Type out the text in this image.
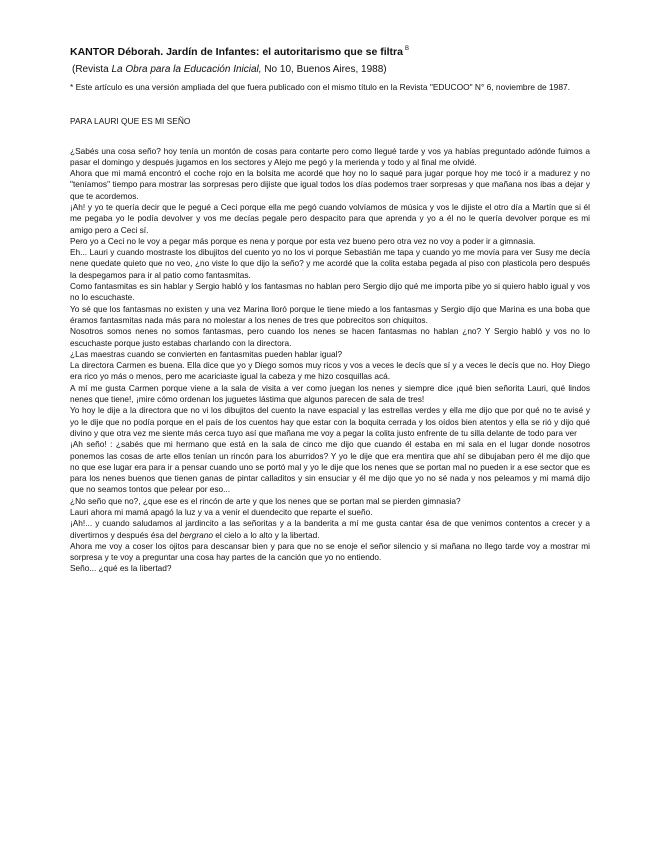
KANTOR Déborah. Jardín de Infantes: el autoritarismo que se filtra $^B$
(Revista La Obra para la Educación Inicial, No 10, Buenos Aires, 1988)
* Este artículo es una versión ampliada del que fuera publicado con el mismo título en la Revista "EDUCOO" N° 6, noviembre de 1987.
PARA LAURI QUE ES MI SEÑO

¿Sabés una cosa seño? hoy tenía un montón de cosas para contarte pero como llegué tarde y vos ya habías preguntado adónde fuimos a pasar el domingo y después jugamos en los sectores y Alejo me pegó y la merienda y todo y al final me olvidé.

Ahora que mi mamá encontró el coche rojo en la bolsita me acordé que hoy no lo saqué para jugar porque hoy me tocó ir a madurez y no "teníamos" tiempo para mostrar las sorpresas pero dijiste que igual todos los días podemos traer sorpresas y que mañana nos ibas a dejar y que te acordemos.

¡Ah! y yo te quería decir que le pegué a Ceci porque ella me pegó cuando volvíamos de música y vos le dijiste el otro día a Martín que si él me pegaba yo le podía devolver y vos me decías pegale pero despacito para que aprenda y yo a él no le quería devolver porque es mi amigo pero a Ceci sí.

Pero yo a Ceci no le voy a pegar más porque es nena y porque por esta vez bueno pero otra vez no voy a poder ir a gimnasia.

Eh... Lauri y cuando mostraste los dibujitos del cuento yo no los vi porque Sebastián me tapa y cuando yo me movía para ver Susy me decía nene quedate quieto que no veo, ¿no viste lo que dijo la seño? y me acordé que la colita estaba pegada al piso con plasticola pero después la despegamos para ir al patio como fantasmitas.

Como fantasmitas es sin hablar y Sergio habló y los fantasmas no hablan pero Sergio dijo qué me importa pibe yo si quiero hablo igual y vos no lo escuchaste.

Yo sé que los fantasmas no existen y una vez Marina lloró porque le tiene miedo a los fantasmas y Sergio dijo que Marina es una boba que éramos fantasmitas nada más para no molestar a los nenes de tres que pobrecitos son chiquitos.

Nosotros somos nenes no somos fantasmas, pero cuando los nenes se hacen fantasmas no hablan ¿no? Y Sergio habló y vos no lo escuchaste porque justo estabas charlando con la directora.

¿Las maestras cuando se convierten en fantasmitas pueden hablar igual?

La directora Carmen es buena. Ella dice que yo y Diego somos muy ricos y vos a veces le decís que sí y a veces le decís que no. Hoy Diego era rico yo más o menos, pero me acariciaste igual la cabeza y me hizo cosquillas acá.

A mí me gusta Carmen porque viene a la sala de visita a ver como juegan los nenes y siempre dice ¡qué bien señorita Lauri, qué lindos nenes que tiene!, ¡mire cómo ordenan los juguetes lástima que algunos parecen de sala de tres!

Yo hoy le dije a la directora que no vi los dibujitos del cuento la nave espacial y las estrellas verdes y ella me dijo que por qué no te avisé y yo le dije que no podía porque en el país de los cuentos hay que estar con la boquita cerrada y los oídos bien atentos y ella se rió y dijo qué divino y que otra vez me siente más cerca tuyo así que mañana me voy a pegar la colita justo enfrente de tu silla delante de todo para ver

¡Ah seño! : ¿sabés que mi hermano que está en la sala de cinco me dijo que cuando él estaba en mi sala en el lugar donde nosotros ponemos las cosas de arte ellos tenían un rincón para los aburridos? Y yo le dije que era mentira que ahí se dibujaban pero él me dijo que no que ese lugar era para ir a pensar cuando uno se portó mal y yo le dije que los nenes que se portan mal no pueden ir a ese sector que es para los nenes buenos que tienen ganas de pintar calladitos y sin ensuciar y él me dijo que yo no sé nada y nos peleamos y mi mamá dijo que no seamos tontos que pelear por eso...

¿No seño que no?, ¿que ese es el rincón de arte y que los nenes que se portan mal se pierden gimnasia?

Lauri ahora mi mamá apagó la luz y va a venir el duendecito que reparte el sueño.

¡Ah!... y cuando saludamos al jardincito a las señoritas y a la banderita a mí me gusta cantar ésa de que venimos contentos a crecer y a divertirnos y después ésa del bergrano el cielo a lo alto y la libertad.

Ahora me voy a coser los ojitos para descansar bien y para que no se enoje el señor silencio y si mañana no llego tarde voy a mostrar mi sorpresa y te voy a preguntar una cosa hay partes de la canción que yo no entiendo.

Seño... ¿qué es la libertad?
